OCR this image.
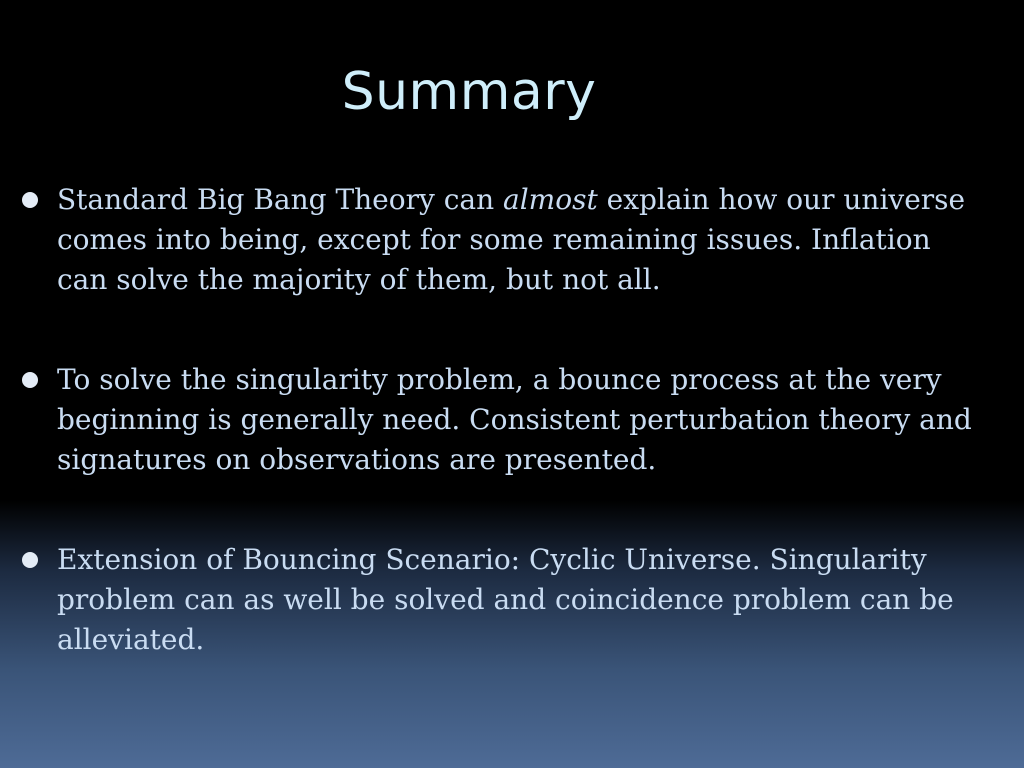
Summary
Standard Big Bang Theory can almost explain how our universe comes into being, except for some remaining issues. Inflation can solve the majority of them, but not all.
To solve the singularity problem, a bounce process at the very beginning is generally need. Consistent perturbation theory and signatures on observations are presented.
Extension of Bouncing Scenario: Cyclic Universe. Singularity problem can as well be solved and coincidence problem can be alleviated.
